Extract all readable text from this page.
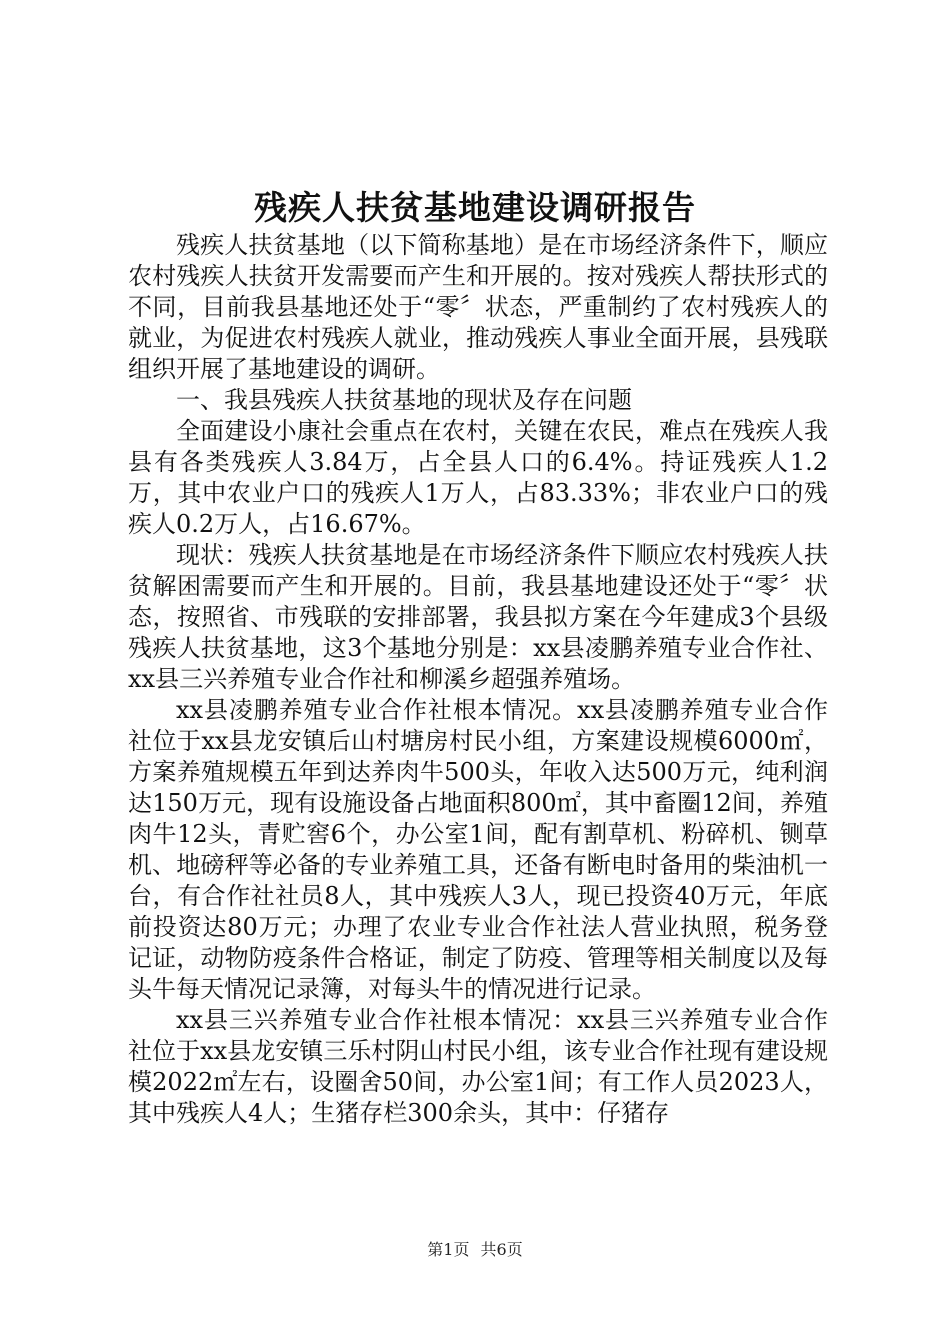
残疾人扶贫基地建设调研报告

残疾人扶贫基地（以下简称基地）是在市场经济条件下，顺应农村残疾人扶贫开发需要而产生和开展的。按对残疾人帮扶形式的不同，目前我县基地还处于“零〞状态，严重制约了农村残疾人的就业，为促进农村残疾人就业，推动残疾人事业全面开展，县残联组织开展了基地建设的调研。

一、我县残疾人扶贫基地的现状及存在问题

全面建设小康社会重点在农村，关键在农民，难点在残疾人我县有各类残疾人3.84万，占全县人口的6.4%。持证残疾人1.2万，其中农业户口的残疾人1万人，占83.33%；非农业户口的残疾人0.2万人，占16.67%。

现状：残疾人扶贫基地是在市场经济条件下顺应农村残疾人扶贫解困需要而产生和开展的。目前，我县基地建设还处于“零〞状态，按照省、市残联的安排部署，我县拟方案在今年建成3个县级残疾人扶贫基地，这3个基地分别是：xx县凌鹏养殖专业合作社、xx县三兴养殖专业合作社和柳溪乡超强养殖场。

xx县凌鹏养殖专业合作社根本情况。xx县凌鹏养殖专业合作社位于xx县龙安镇后山村塘房村民小组，方案建设规模6000㎡，方案养殖规模五年到达养肉牛500头，年收入达500万元，纯利润达150万元，现有设施设备占地面积800㎡，其中畜圈12间，养殖肉牛12头，青贮窖6个，办公室1间，配有割草机、粉碎机、铡草机、地磅秤等必备的专业养殖工具，还备有断电时备用的柴油机一台，有合作社社员8人，其中残疾人3人，现已投资40万元，年底前投资达80万元；办理了农业专业合作社法人营业执照，税务登记证，动物防疫条件合格证，制定了防疫、管理等相关制度以及每头牛每天情况记录簿，对每头牛的情况进行记录。

xx县三兴养殖专业合作社根本情况：xx县三兴养殖专业合作社位于xx县龙安镇三乐村阴山村民小组，该专业合作社现有建设规模2022㎡左右，设圈舍50间，办公室1间；有工作人员2023人，其中残疾人4人；生猪存栏300余头，其中：仔猪存

第1页 共6页
